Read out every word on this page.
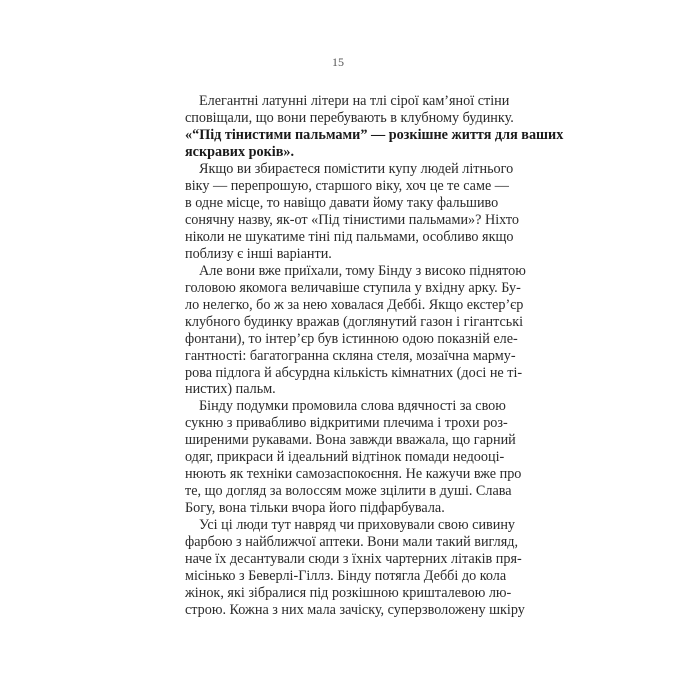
15
Елегантні латунні літери на тлі сірої кам’яної стіни
сповіщали, що вони перебувають в клубному будинку.
«“Під тінистими пальмами” — розкішне життя для ваших
яскравих років».
Якщо ви збираєтеся помістити купу людей літнього
віку — перепрошую, старшого віку, хоч це те саме —
в одне місце, то навіщо давати йому таку фальшиво
сонячну назву, як-от «Під тінистими пальмами»? Ніхто
ніколи не шукатиме тіні під пальмами, особливо якщо
поблизу є інші варіанти.
Але вони вже приїхали, тому Бінду з високо піднятою
головою якомога величавіше ступила у вхідну арку. Бу-
ло нелегко, бо ж за нею ховалася Деббі. Якщо екстер’єр
клубного будинку вражав (доглянутий газон і гігантські
фонтани), то інтер’єр був істинною одою показній еле-
гантності: багатогранна скляна стеля, мозаїчна марму-
рова підлога й абсурдна кількість кімнатних (досі не ті-
нистих) пальм.
Бінду подумки промовила слова вдячності за свою
сукню з привабливо відкритими плечима і трохи роз-
ширеними рукавами. Вона завжди вважала, що гарний
одяг, прикраси й ідеальний відтінок помади недооці-
нюють як техніки самозаспокоєння. Не кажучи вже про
те, що догляд за волоссям може зцілити в душі. Слава
Богу, вона тільки вчора його підфарбувала.
Усі ці люди тут навряд чи приховували свою сивину
фарбою з найближчої аптеки. Вони мали такий вигляд,
наче їх десантували сюди з їхніх чартерних літаків пря-
місінько з Беверлі-Гіллз. Бінду потягла Деббі до кола
жінок, які зібралися під розкішною кришталевою лю-
строю. Кожна з них мала зачіску, суперзволожену шкіру
